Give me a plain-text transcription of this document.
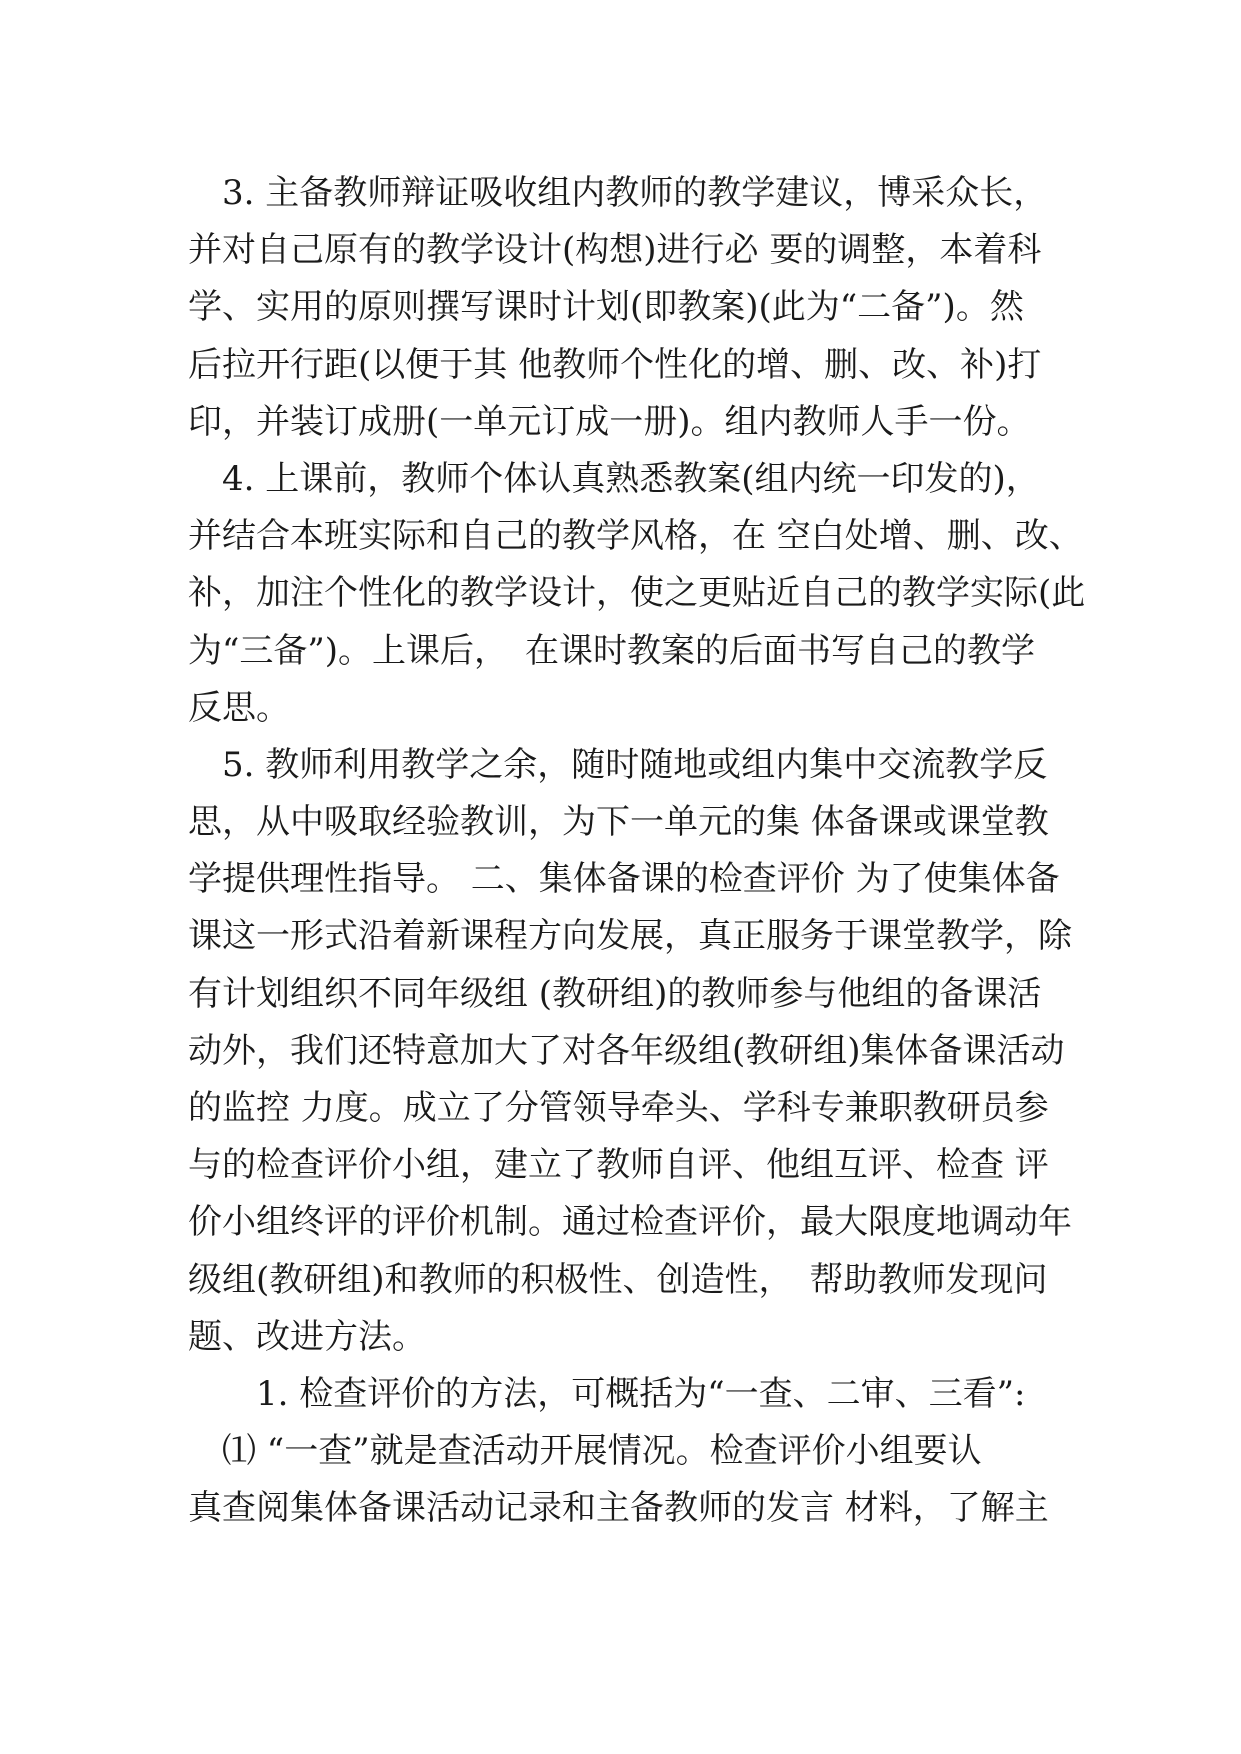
　3. 主备教师辩证吸收组内教师的教学建议，博采众长，
并对自己原有的教学设计(构想)进行必 要的调整，本着科
学、实用的原则撰写课时计划(即教案)(此为“二备”)。然
后拉开行距(以便于其 他教师个性化的增、删、改、补)打
印，并装订成册(一单元订成一册)。组内教师人手一份。
　4. 上课前，教师个体认真熟悉教案(组内统一印发的)，
并结合本班实际和自己的教学风格，在 空白处增、删、改、
补，加注个性化的教学设计，使之更贴近自己的教学实际(此
为“三备”)。上课后，　在课时教案的后面书写自己的教学
反思。
　5. 教师利用教学之余，随时随地或组内集中交流教学反
思，从中吸取经验教训，为下一单元的集 体备课或课堂教
学提供理性指导。 二、集体备课的检查评价 为了使集体备
课这一形式沿着新课程方向发展，真正服务于课堂教学，除
有计划组织不同年级组 (教研组)的教师参与他组的备课活
动外，我们还特意加大了对各年级组(教研组)集体备课活动
的监控 力度。成立了分管领导牵头、学科专兼职教研员参
与的检查评价小组，建立了教师自评、他组互评、检查 评
价小组终评的评价机制。通过检查评价，最大限度地调动年
级组(教研组)和教师的积极性、创造性，　帮助教师发现问
题、改进方法。
　　1. 检查评价的方法，可概括为“一查、二审、三看”:
　⑴ “一查”就是查活动开展情况。检查评价小组要认
真查阅集体备课活动记录和主备教师的发言 材料，了解主
